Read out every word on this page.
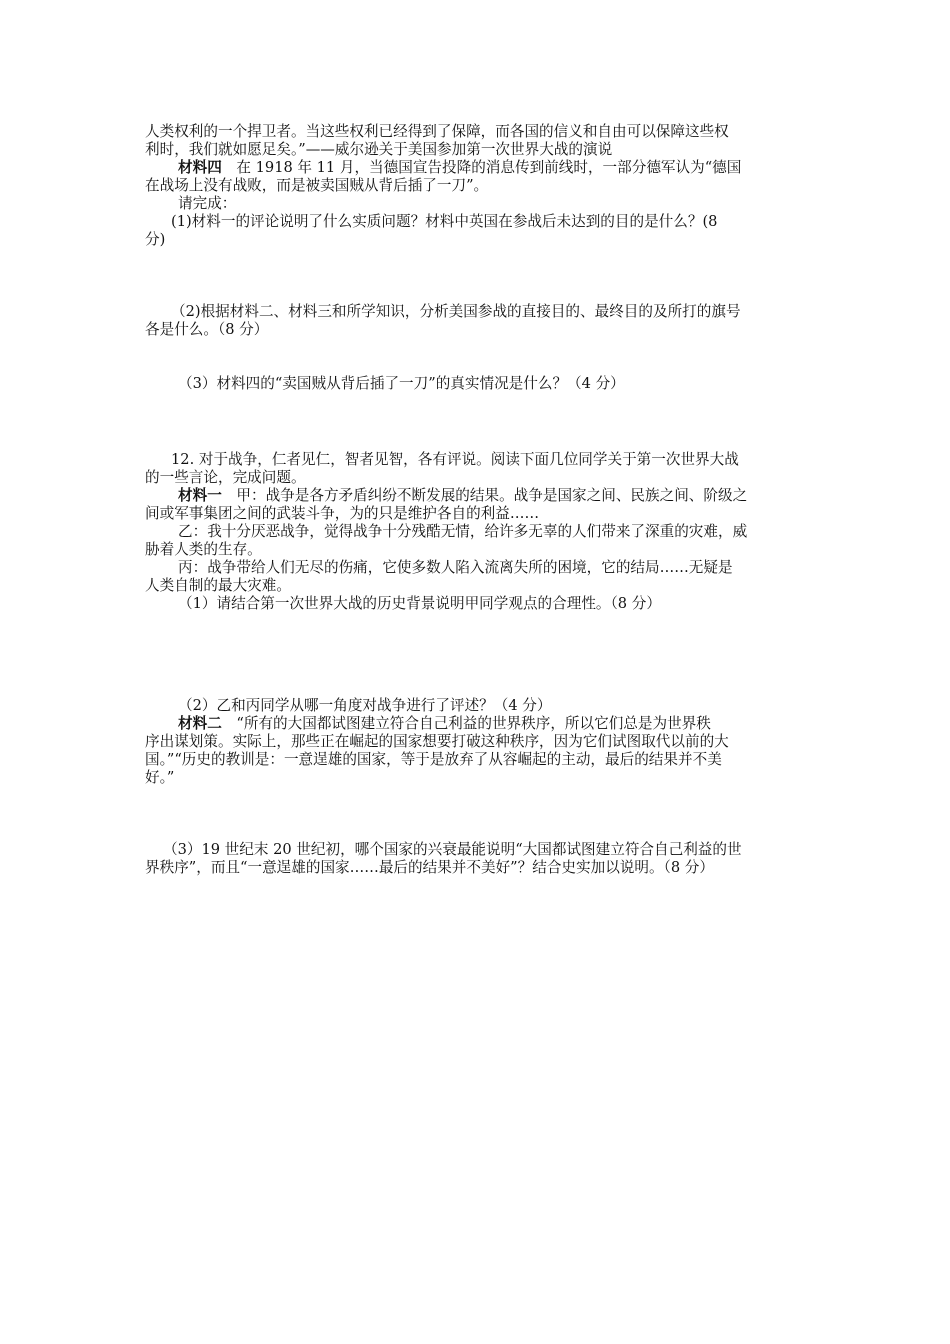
人类权利的一个捍卫者。当这些权利已经得到了保障，而各国的信义和自由可以保障这些权
利时，我们就如愿足矣。”——威尔逊关于美国参加第一次世界大战的演说
材料四　在 1918 年 11 月，当德国宣告投降的消息传到前线时，一部分德军认为“德国
在战场上没有战败，而是被卖国贼从背后插了一刀”。
请完成：
(1)材料一的评论说明了什么实质问题？材料中英国在参战后未达到的目的是什么？(8
分)
（2)根据材料二、材料三和所学知识，分析美国参战的直接目的、最终目的及所打的旗号
各是什么。（8 分）
（3）材料四的“卖国贼从背后插了一刀”的真实情况是什么？（4 分）
12. 对于战争，仁者见仁，智者见智，各有评说。阅读下面几位同学关于第一次世界大战
的一些言论，完成问题。
材料一　甲：战争是各方矛盾纠纷不断发展的结果。战争是国家之间、民族之间、阶级之
间或军事集团之间的武装斗争，为的只是维护各自的利益……
乙：我十分厌恶战争，觉得战争十分残酷无情，给许多无辜的人们带来了深重的灾难，威
胁着人类的生存。
丙：战争带给人们无尽的伤痛，它使多数人陷入流离失所的困境，它的结局……无疑是
人类自制的最大灾难。
（1）请结合第一次世界大战的历史背景说明甲同学观点的合理性。（8 分）
（2）乙和丙同学从哪一角度对战争进行了评述？（4 分）
材料二　“所有的大国都试图建立符合自己利益的世界秩序，所以它们总是为世界秩
序出谋划策。实际上，那些正在崛起的国家想要打破这种秩序，因为它们试图取代以前的大
国。”“历史的教训是：一意逞雄的国家，等于是放弃了从容崛起的主动，最后的结果并不美
好。”
（3）19 世纪末 20 世纪初，哪个国家的兴衰最能说明“大国都试图建立符合自己利益的世
界秩序”，而且“一意逞雄的国家……最后的结果并不美好”？结合史实加以说明。（8 分）
